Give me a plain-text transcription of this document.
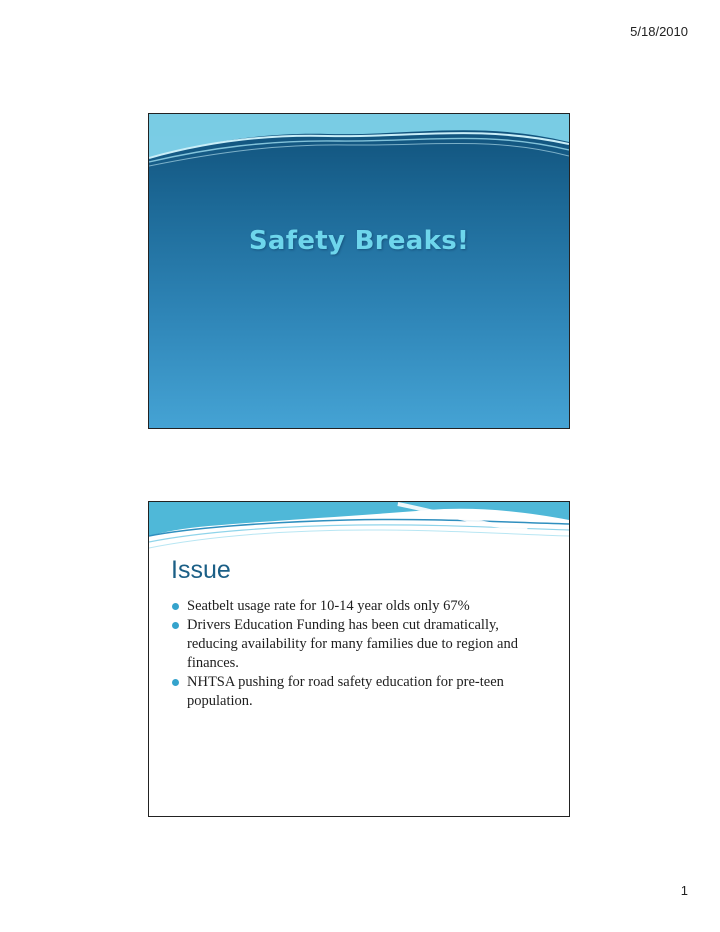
5/18/2010
Safety Breaks!
Issue
Seatbelt usage rate for 10-14 year olds only 67%
Drivers Education Funding has been cut dramatically, reducing availability for many families due to region and finances.
NHTSA pushing for road safety education for pre-teen population.
1
